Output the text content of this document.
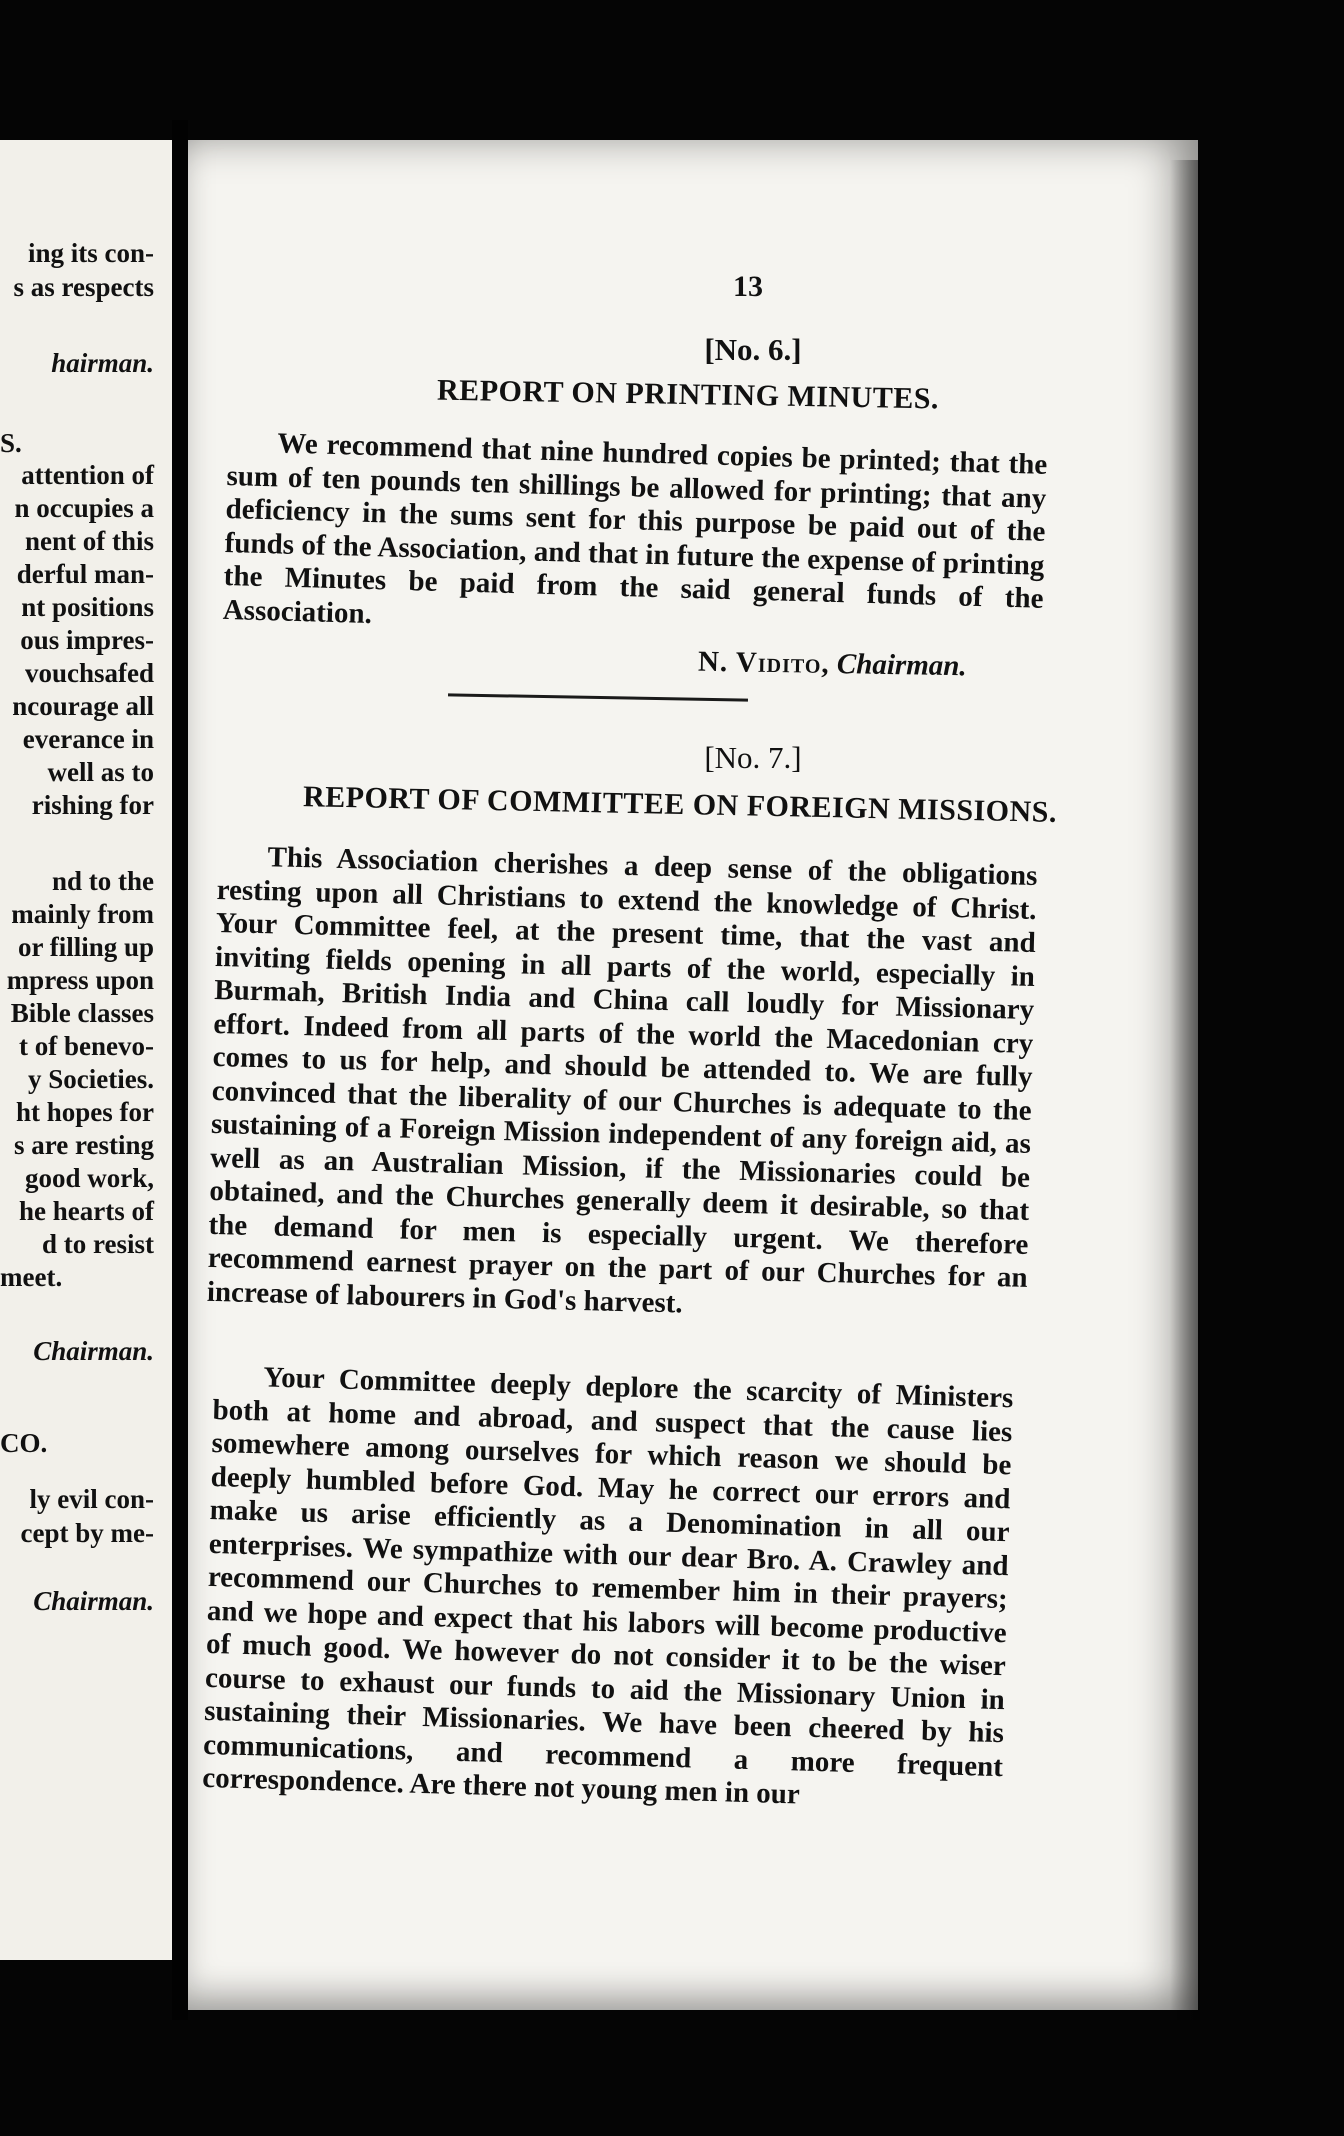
ing its con-
s as respects
hairman.
S.
attention of
n occupies a
nent of this
derful man-
nt positions
ous impres-
vouchsafed
ncourage all
everance in
well as to
rishing for
nd to the
mainly from
or filling up
mpress upon
Bible classes
t of benevo-
y Societies.
ht hopes for
s are resting
good work,
he hearts of
d to resist
meet.
Chairman.
CO.
ly evil con-
cept by me-
Chairman.
13
[No. 6.]
REPORT ON PRINTING MINUTES.
We recommend that nine hundred copies be printed; that the sum of ten pounds ten shillings be allowed for printing; that any deficiency in the sums sent for this purpose be paid out of the funds of the Association, and that in future the expense of printing the Minutes be paid from the said general funds of the Association.
N. Vidito, Chairman.
[No. 7.]
REPORT OF COMMITTEE ON FOREIGN MISSIONS.
This Association cherishes a deep sense of the obligations resting upon all Christians to extend the knowledge of Christ. Your Committee feel, at the present time, that the vast and inviting fields opening in all parts of the world, especially in Burmah, British India and China call loudly for Missionary effort. Indeed from all parts of the world the Macedonian cry comes to us for help, and should be attended to. We are fully convinced that the liberality of our Churches is adequate to the sustaining of a Foreign Mission independent of any foreign aid, as well as an Australian Mission, if the Missionaries could be obtained, and the Churches generally deem it desirable, so that the demand for men is especially urgent. We therefore recommend earnest prayer on the part of our Churches for an increase of labourers in God's harvest.
Your Committee deeply deplore the scarcity of Ministers both at home and abroad, and suspect that the cause lies somewhere among ourselves for which reason we should be deeply humbled before God. May he correct our errors and make us arise efficiently as a Denomination in all our enterprises. We sympathize with our dear Bro. A. Crawley and recommend our Churches to remember him in their prayers; and we hope and expect that his labors will become productive of much good. We however do not consider it to be the wiser course to exhaust our funds to aid the Missionary Union in sustaining their Missionaries. We have been cheered by his communications, and recommend a more frequent correspondence. Are there not young men in our
